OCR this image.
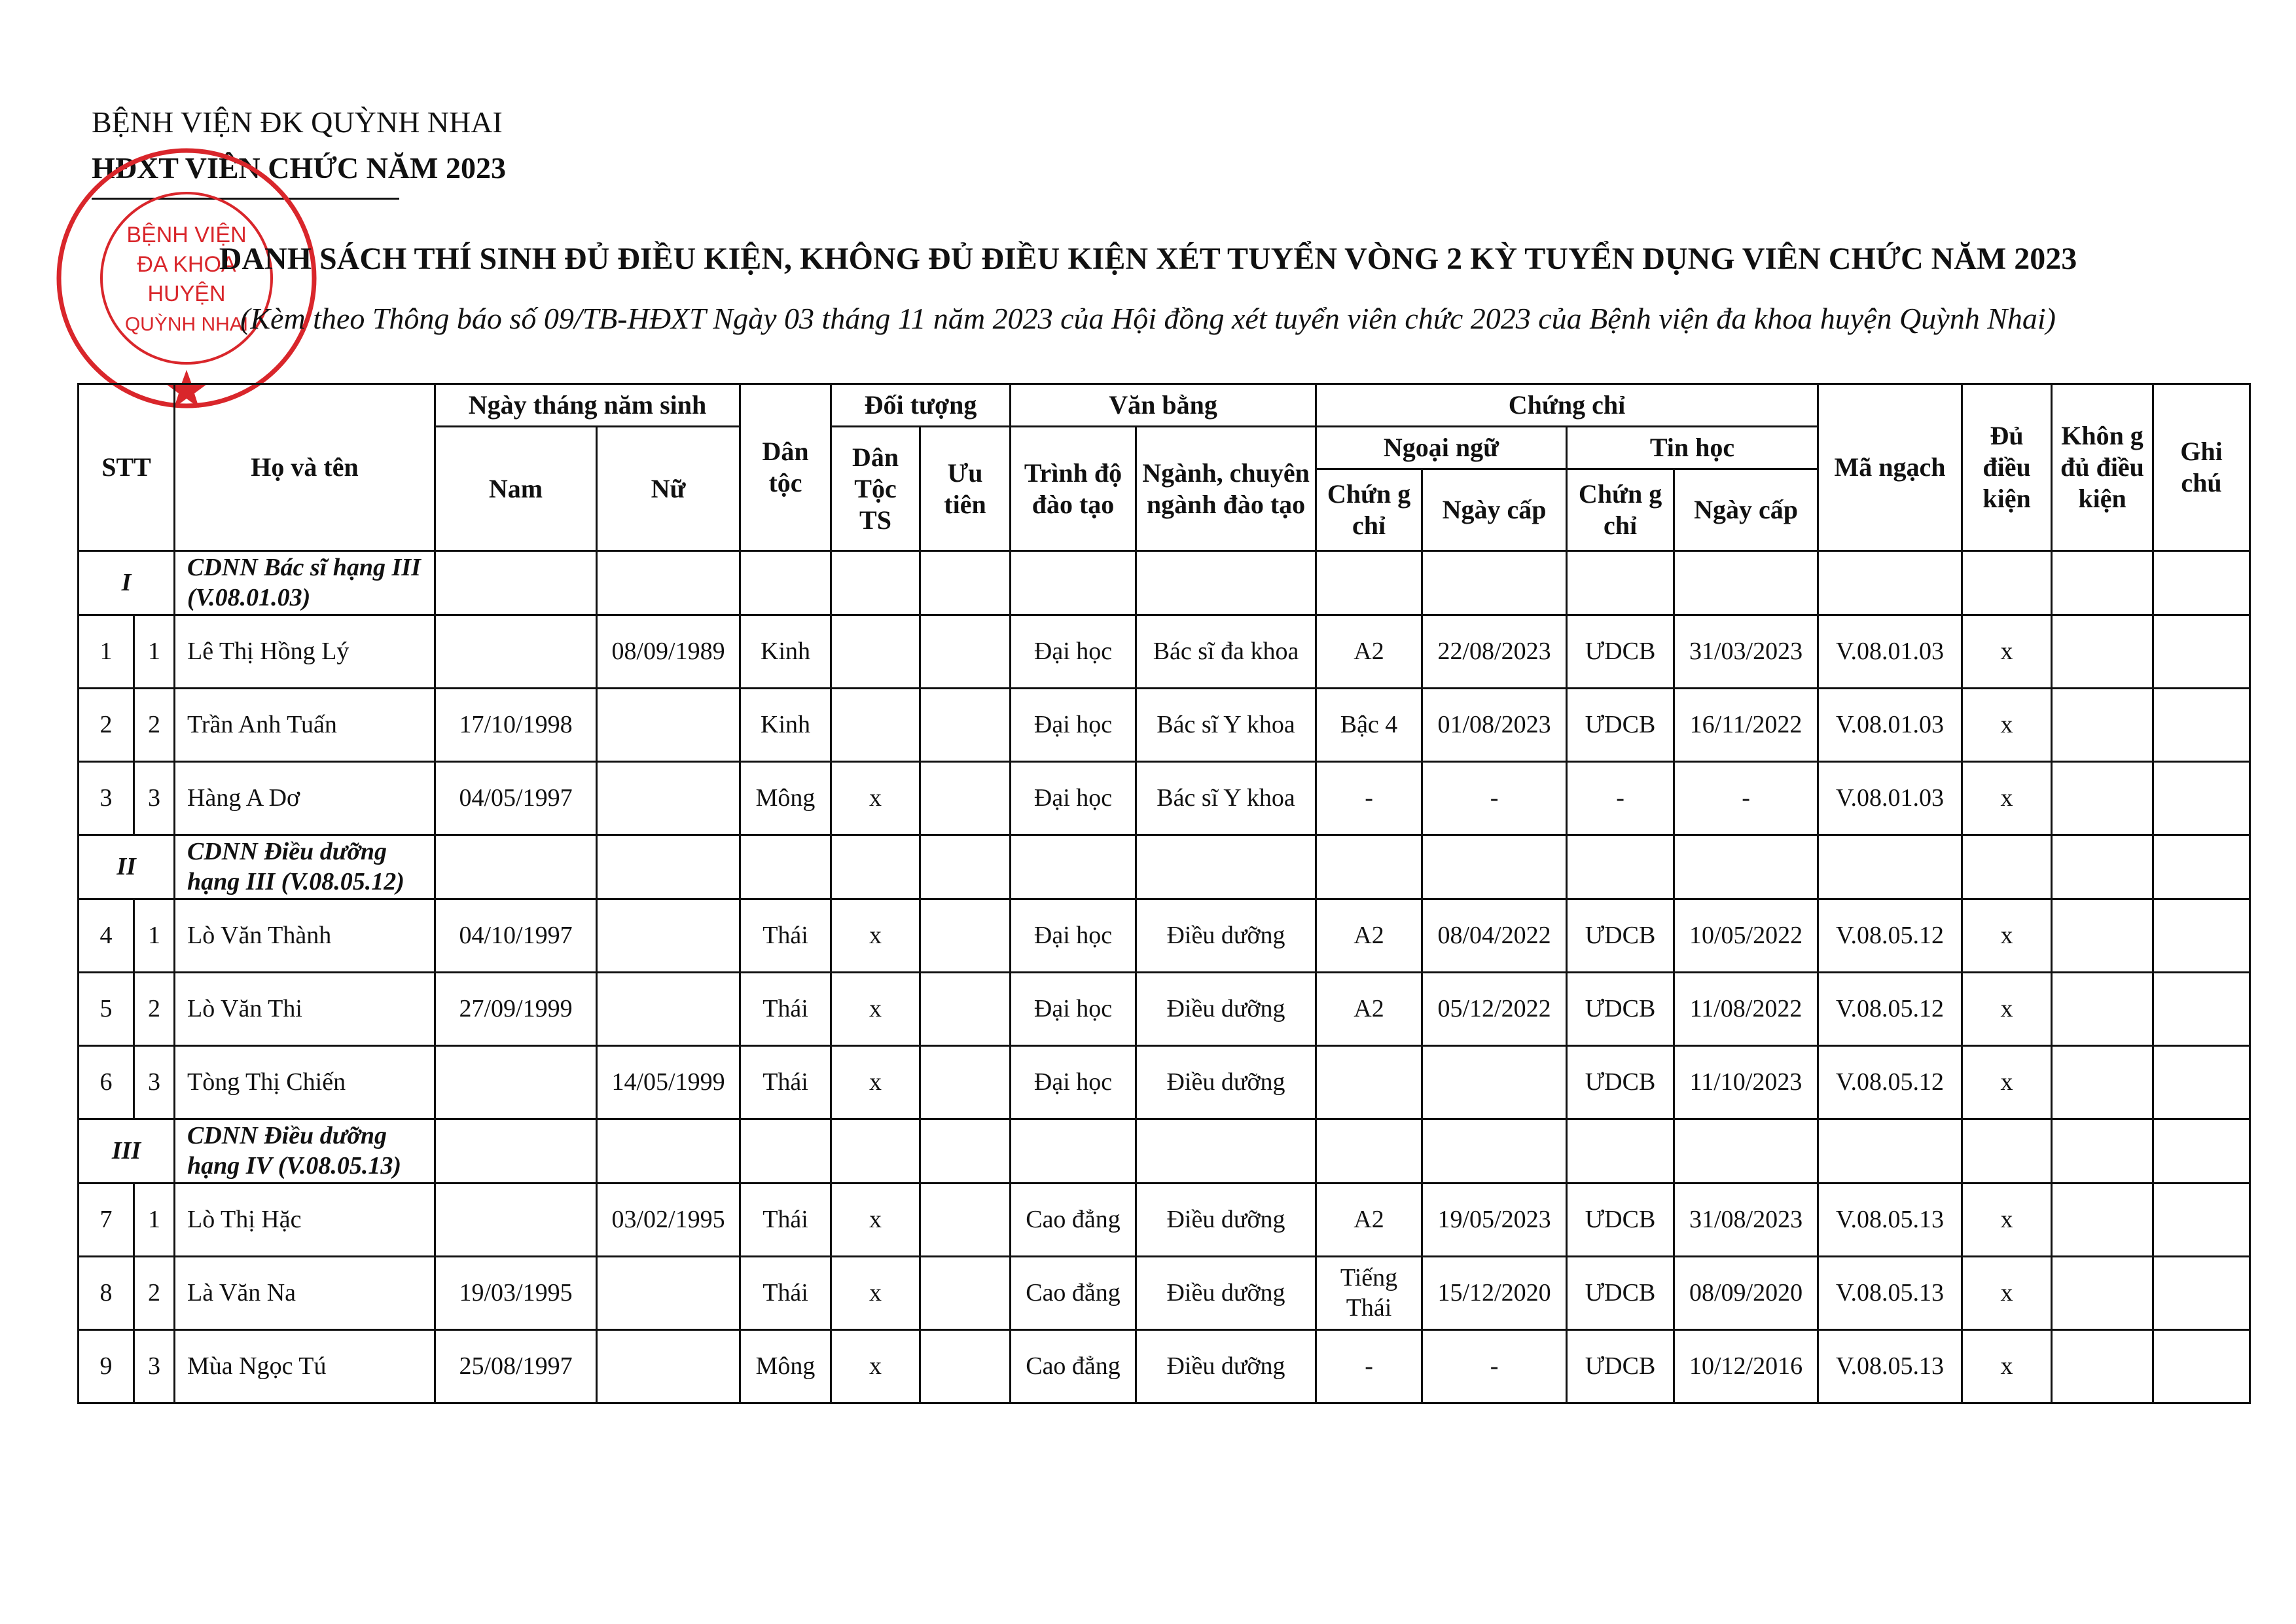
BỆNH VIỆN ĐK QUỲNH NHAI
HĐXT VIÊN CHỨC NĂM 2023
BỆNH VIỆN
ĐA KHOA
HUYỆN
QUỲNH NHAI
DANH SÁCH THÍ SINH ĐỦ ĐIỀU KIỆN, KHÔNG ĐỦ ĐIỀU KIỆN XÉT TUYỂN VÒNG 2 KỲ TUYỂN DỤNG VIÊN CHỨC NĂM 2023
(Kèm theo Thông báo số 09/TB-HĐXT Ngày 03 tháng 11 năm 2023 của Hội đồng xét tuyển viên chức 2023 của Bệnh viện đa khoa huyện Quỳnh Nhai)
STT		Họ và tên	Ngày tháng năm sinh		Dân tộc	Đối tượng		Văn bằng		Chứng chỉ				Mã ngạch	Đủ điều kiện	Khôn g đủ điều kiện	Ghi chú
			Nam	Nữ		Dân Tộc TS	Ưu tiên	Trình độ đào tạo	Ngành, chuyên ngành đào tạo	Ngoại ngữ		Tin học					
										Chứn g chỉ	Ngày cấp	Chứn g chỉ	Ngày cấp				
I		CDNN Bác sĩ hạng III (V.08.01.03)															
1	1	Lê Thị Hồng Lý		08/09/1989	Kinh			Đại học	Bác sĩ đa khoa	A2	22/08/2023	ƯDCB	31/03/2023	V.08.01.03	x		
2	2	Trần Anh Tuấn	17/10/1998		Kinh			Đại học	Bác sĩ Y khoa	Bậc 4	01/08/2023	ƯDCB	16/11/2022	V.08.01.03	x		
3	3	Hàng A Dơ	04/05/1997		Mông	x		Đại học	Bác sĩ Y khoa	-	-	-	-	V.08.01.03	x		
II		CDNN Điều dưỡng hạng III (V.08.05.12)															
4	1	Lò Văn Thành	04/10/1997		Thái	x		Đại học	Điều dưỡng	A2	08/04/2022	ƯDCB	10/05/2022	V.08.05.12	x		
5	2	Lò Văn Thi	27/09/1999		Thái	x		Đại học	Điều dưỡng	A2	05/12/2022	ƯDCB	11/08/2022	V.08.05.12	x		
6	3	Tòng Thị Chiến		14/05/1999	Thái	x		Đại học	Điều dưỡng			ƯDCB	11/10/2023	V.08.05.12	x		
III		CDNN Điều dưỡng hạng IV (V.08.05.13)															
7	1	Lò Thị Hặc		03/02/1995	Thái	x		Cao đẳng	Điều dưỡng	A2	19/05/2023	ƯDCB	31/08/2023	V.08.05.13	x		
8	2	Là Văn Na	19/03/1995		Thái	x		Cao đẳng	Điều dưỡng	Tiếng Thái	15/12/2020	ƯDCB	08/09/2020	V.08.05.13	x		
9	3	Mùa Ngọc Tú	25/08/1997		Mông	x		Cao đẳng	Điều dưỡng	-	-	ƯDCB	10/12/2016	V.08.05.13	x		
